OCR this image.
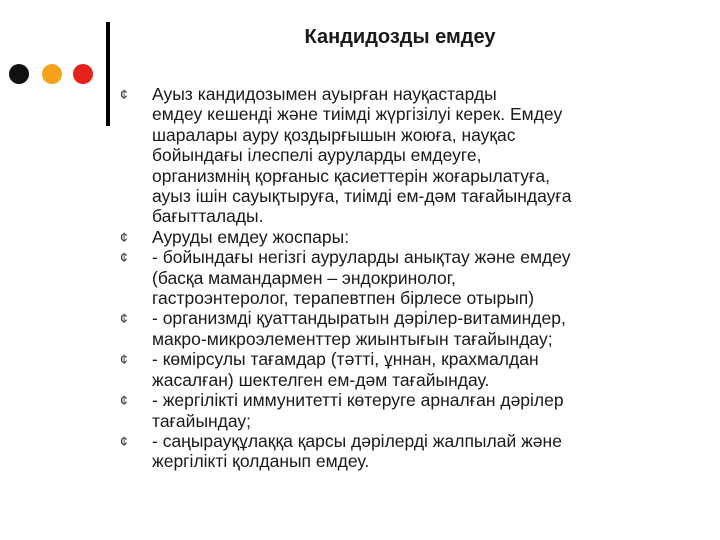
Кандидозды емдеу
¢ Ауыз кандидозымен ауырған науқастарды
емдеу кешенді және тиімді жүргізілуі керек. Емдеу
шаралары ауру қоздырғышын жоюға, науқас
бойындағы ілеспелі ауруларды емдеуге,
организмнің қорғаныс қасиеттерін жоғарылатуға,
ауыз ішін сауықтыруға, тиімді ем-дәм тағайындауға
бағытталады.
¢ Ауруды емдеу жоспары:
¢ - бойындағы негізгі ауруларды анықтау және емдеу
(басқа мамандармен – эндокринолог,
гастроэнтеролог, терапевтпен бірлесе отырып)
¢ - организмді қуаттандыратын дәрілер-витаминдер,
макро-микроэлементтер жиынтығын тағайындау;
¢ - көмірсулы тағамдар (тәтті, ұннан, крахмалдан
жасалған) шектелген ем-дәм тағайындау.
¢ - жергілікті иммунитетті көтеруге арналған дәрілер
тағайындау;
¢ - саңырауқұлаққа қарсы дәрілерді жалпылай және
жергілікті қолданып емдеу.
